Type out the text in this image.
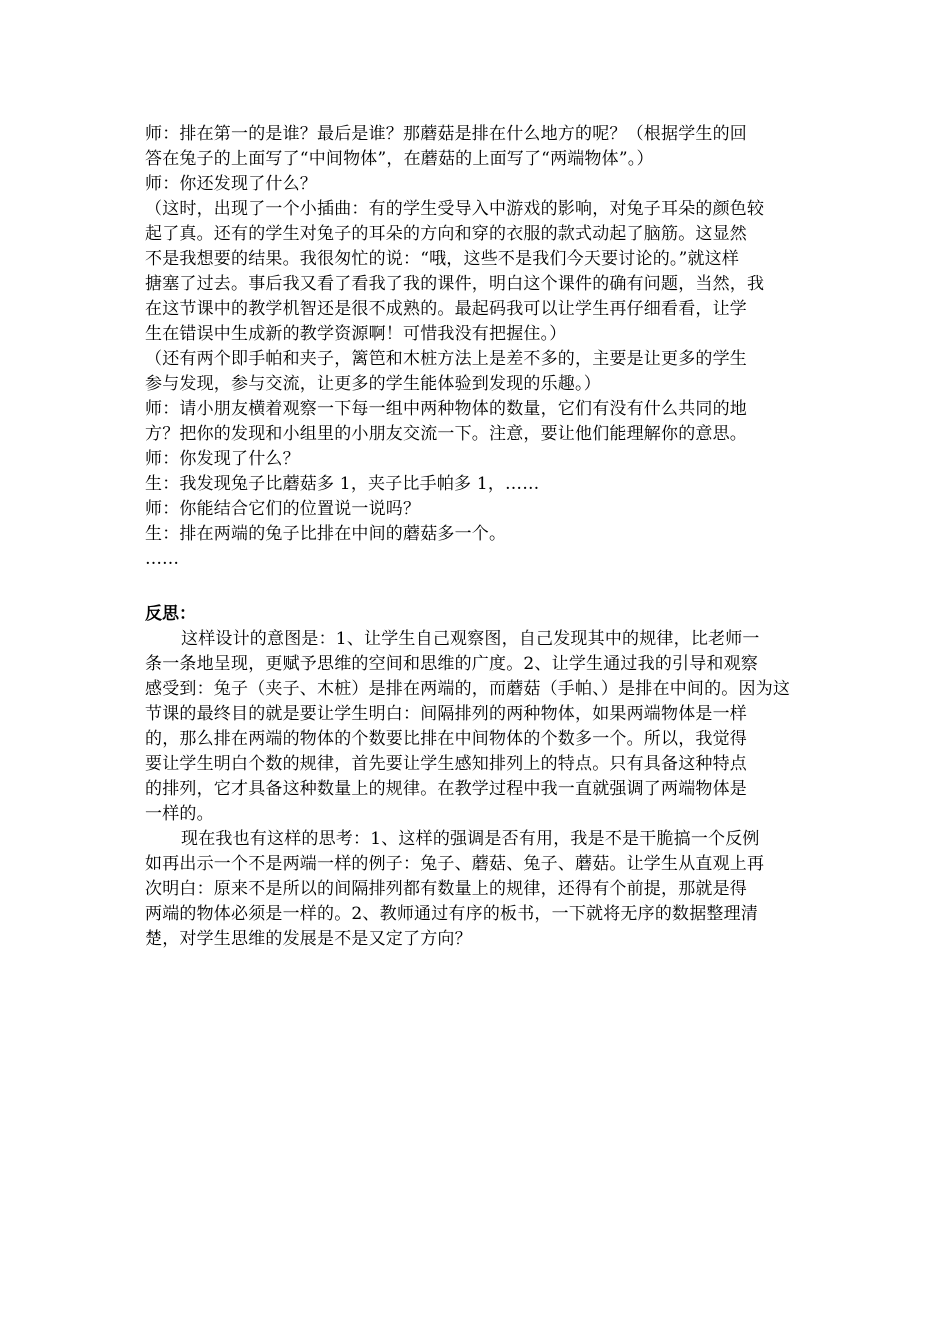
师：排在第一的是谁？最后是谁？那蘑菇是排在什么地方的呢？（根据学生的回
答在兔子的上面写了“中间物体”，在蘑菇的上面写了“两端物体”。）
师：你还发现了什么？
（这时，出现了一个小插曲：有的学生受导入中游戏的影响，对兔子耳朵的颜色较
起了真。还有的学生对兔子的耳朵的方向和穿的衣服的款式动起了脑筋。这显然
不是我想要的结果。我很匆忙的说：“哦，这些不是我们今天要讨论的。”就这样
搪塞了过去。事后我又看了看我了我的课件，明白这个课件的确有问题，当然，我
在这节课中的教学机智还是很不成熟的。最起码我可以让学生再仔细看看，让学
生在错误中生成新的教学资源啊！可惜我没有把握住。）
（还有两个即手帕和夹子，篱笆和木桩方法上是差不多的，主要是让更多的学生
参与发现，参与交流，让更多的学生能体验到发现的乐趣。）
师：请小朋友横着观察一下每一组中两种物体的数量，它们有没有什么共同的地
方？把你的发现和小组里的小朋友交流一下。注意，要让他们能理解你的意思。
师：你发现了什么？
生：我发现兔子比蘑菇多 1，夹子比手帕多 1，……
师：你能结合它们的位置说一说吗？
生：排在两端的兔子比排在中间的蘑菇多一个。
……
反思：
这样设计的意图是：1、让学生自己观察图，自己发现其中的规律，比老师一
条一条地呈现，更赋予思维的空间和思维的广度。2、让学生通过我的引导和观察
感受到：兔子（夹子、木桩）是排在两端的，而蘑菇（手帕、）是排在中间的。因为这
节课的最终目的就是要让学生明白：间隔排列的两种物体，如果两端物体是一样
的，那么排在两端的物体的个数要比排在中间物体的个数多一个。所以，我觉得
要让学生明白个数的规律，首先要让学生感知排列上的特点。只有具备这种特点
的排列，它才具备这种数量上的规律。在教学过程中我一直就强调了两端物体是
一样的。
现在我也有这样的思考：1、这样的强调是否有用，我是不是干脆搞一个反例
如再出示一个不是两端一样的例子：兔子、蘑菇、兔子、蘑菇。让学生从直观上再
次明白：原来不是所以的间隔排列都有数量上的规律，还得有个前提，那就是得
两端的物体必须是一样的。2、教师通过有序的板书，一下就将无序的数据整理清
楚，对学生思维的发展是不是又定了方向？
